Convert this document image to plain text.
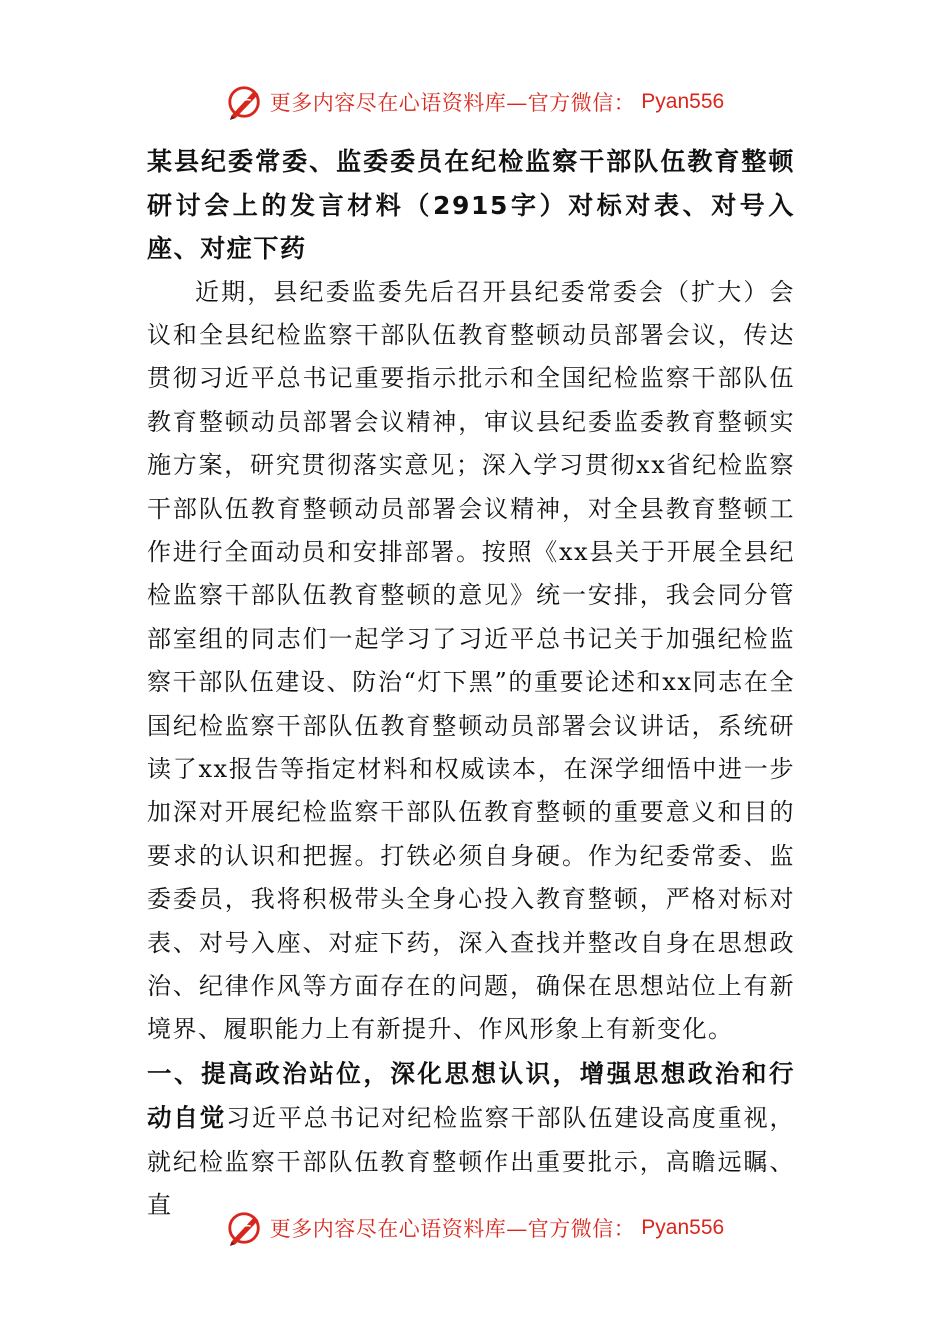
更多内容尽在心语资料库—官方微信： Pyan556
某县纪委常委、监委委员在纪检监察干部队伍教育整顿研讨会上的发言材料（2915字）对标对表、对号入座、对症下药

近期，县纪委监委先后召开县纪委常委会（扩大）会议和全县纪检监察干部队伍教育整顿动员部署会议，传达贯彻习近平总书记重要指示批示和全国纪检监察干部队伍教育整顿动员部署会议精神，审议县纪委监委教育整顿实施方案，研究贯彻落实意见；深入学习贯彻xx省纪检监察干部队伍教育整顿动员部署会议精神，对全县教育整顿工作进行全面动员和安排部署。按照《xx县关于开展全县纪检监察干部队伍教育整顿的意见》统一安排，我会同分管部室组的同志们一起学习了习近平总书记关于加强纪检监察干部队伍建设、防治“灯下黑”的重要论述和xx同志在全国纪检监察干部队伍教育整顿动员部署会议讲话，系统研读了xx报告等指定材料和权威读本，在深学细悟中进一步加深对开展纪检监察干部队伍教育整顿的重要意义和目的要求的认识和把握。打铁必须自身硬。作为纪委常委、监委委员，我将积极带头全身心投入教育整顿，严格对标对表、对号入座、对症下药，深入查找并整改自身在思想政治、纪律作风等方面存在的问题，确保在思想站位上有新境界、履职能力上有新提升、作风形象上有新变化。

一、提高政治站位，深化思想认识，增强思想政治和行动自觉习近平总书记对纪检监察干部队伍建设高度重视，就纪检监察干部队伍教育整顿作出重要批示，高瞻远瞩、直

更多内容尽在心语资料库—官方微信： Pyan556
